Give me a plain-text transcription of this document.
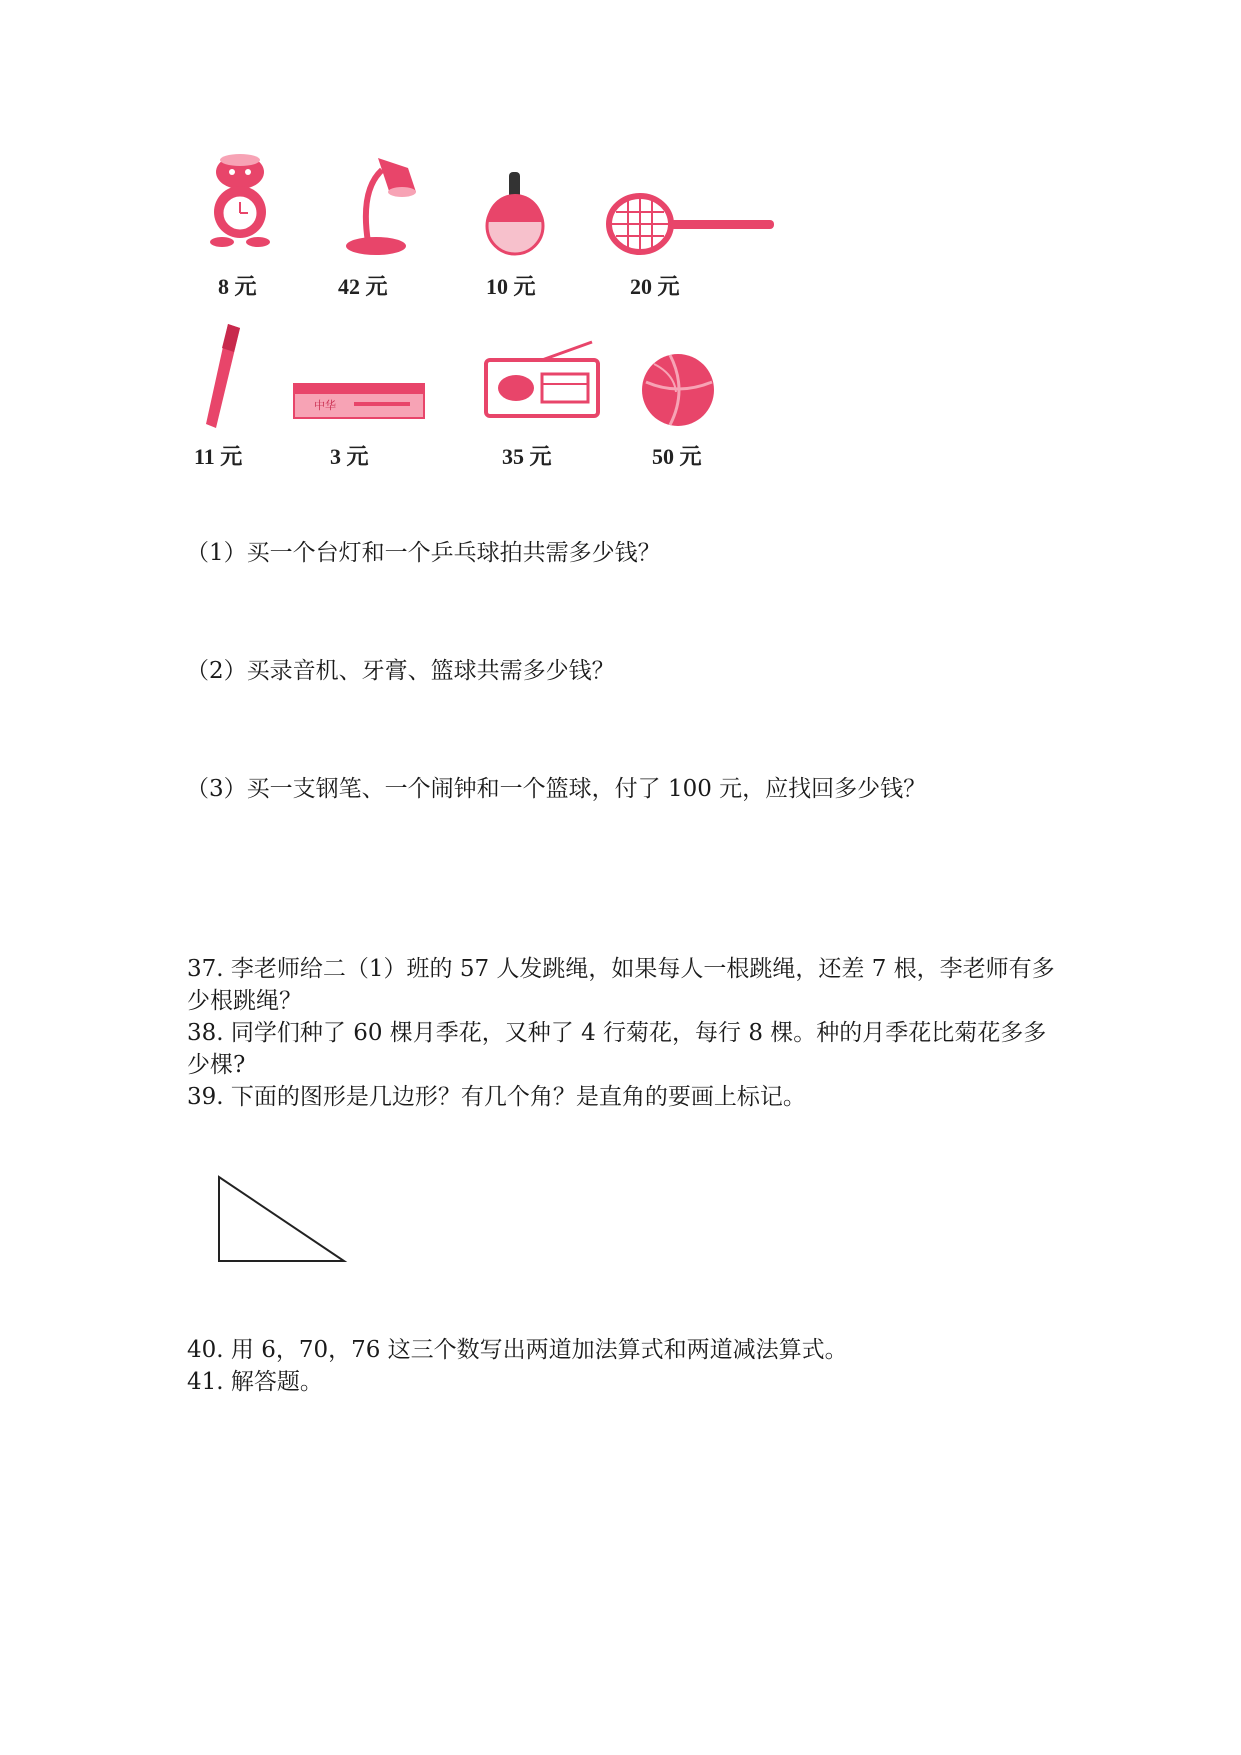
8 元	42 元	10 元	20 元
11 元
中华
3 元	35 元	50 元
（1）买一个台灯和一个乒乓球拍共需多少钱？
（2）买录音机、牙膏、篮球共需多少钱？
（3）买一支钢笔、一个闹钟和一个篮球，付了 100 元，应找回多少钱？
37. 李老师给二（1）班的 57 人发跳绳，如果每人一根跳绳，还差 7 根，李老师有多少根跳绳？
38. 同学们种了 60 棵月季花，又种了 4 行菊花，每行 8 棵。种的月季花比菊花多多少棵?
39. 下面的图形是几边形？有几个角？是直角的要画上标记。
40. 用 6，70，76 这三个数写出两道加法算式和两道减法算式。
41. 解答题。
